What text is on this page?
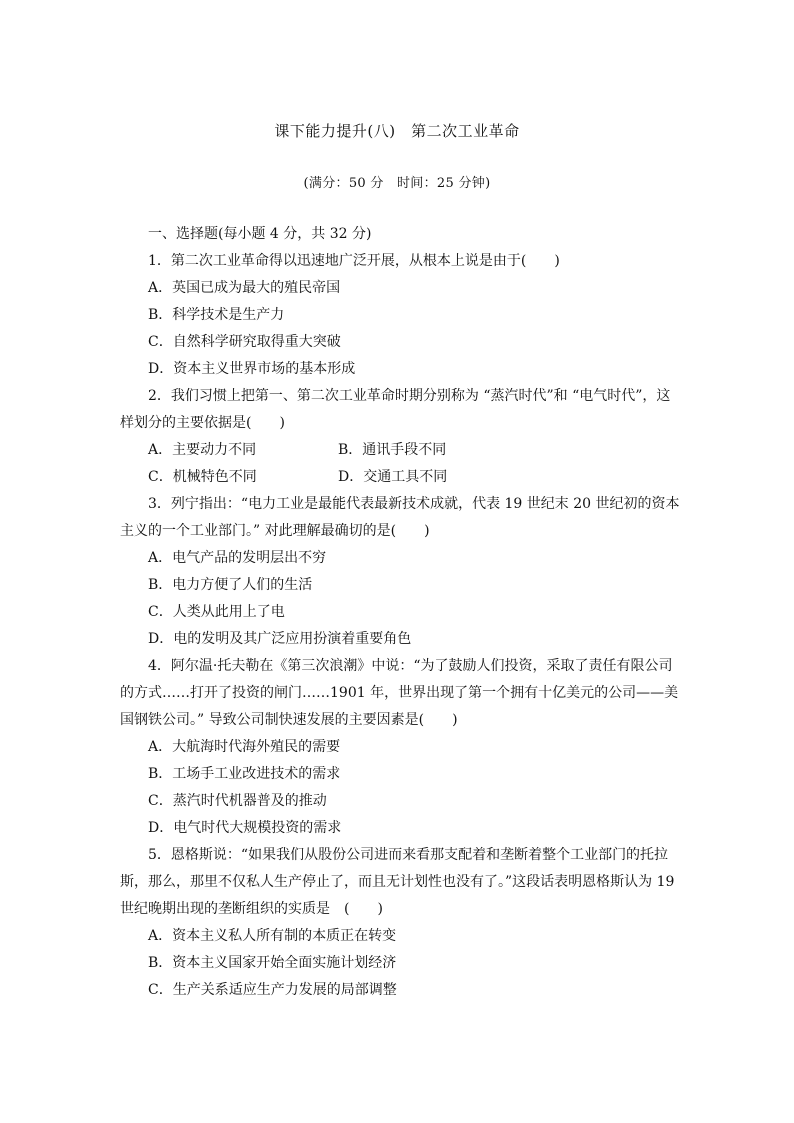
课下能力提升(八)　第二次工业革命
(满分：50 分　时间：25 分钟)
一、选择题(每小题 4 分，共 32 分)
1．第二次工业革命得以迅速地广泛开展，从根本上说是由于(　　)
A．英国已成为最大的殖民帝国
B．科学技术是生产力
C．自然科学研究取得重大突破
D．资本主义世界市场的基本形成
2．我们习惯上把第一、第二次工业革命时期分别称为 “蒸汽时代”和 “电气时代”，这
样划分的主要依据是(　　)
A．主要动力不同	B．通讯手段不同
C．机械特色不同	D．交通工具不同
3．列宁指出：“电力工业是最能代表最新技术成就，代表 19 世纪末 20 世纪初的资本
主义的一个工业部门。” 对此理解最确切的是(　　)
A．电气产品的发明层出不穷
B．电力方便了人们的生活
C．人类从此用上了电
D．电的发明及其广泛应用扮演着重要角色
4．阿尔温·托夫勒在《第三次浪潮》中说：“为了鼓励人们投资，采取了责任有限公司
的方式……打开了投资的闸门……1901 年，世界出现了第一个拥有十亿美元的公司——美
国钢铁公司。” 导致公司制快速发展的主要因素是(　　)
A．大航海时代海外殖民的需要
B．工场手工业改进技术的需求
C．蒸汽时代机器普及的推动
D．电气时代大规模投资的需求
5．恩格斯说：“如果我们从股份公司进而来看那支配着和垄断着整个工业部门的托拉
斯，那么，那里不仅私人生产停止了，而且无计划性也没有了。”这段话表明恩格斯认为 19
世纪晚期出现的垄断组织的实质是　(　　)
A．资本主义私人所有制的本质正在转变
B．资本主义国家开始全面实施计划经济
C．生产关系适应生产力发展的局部调整
